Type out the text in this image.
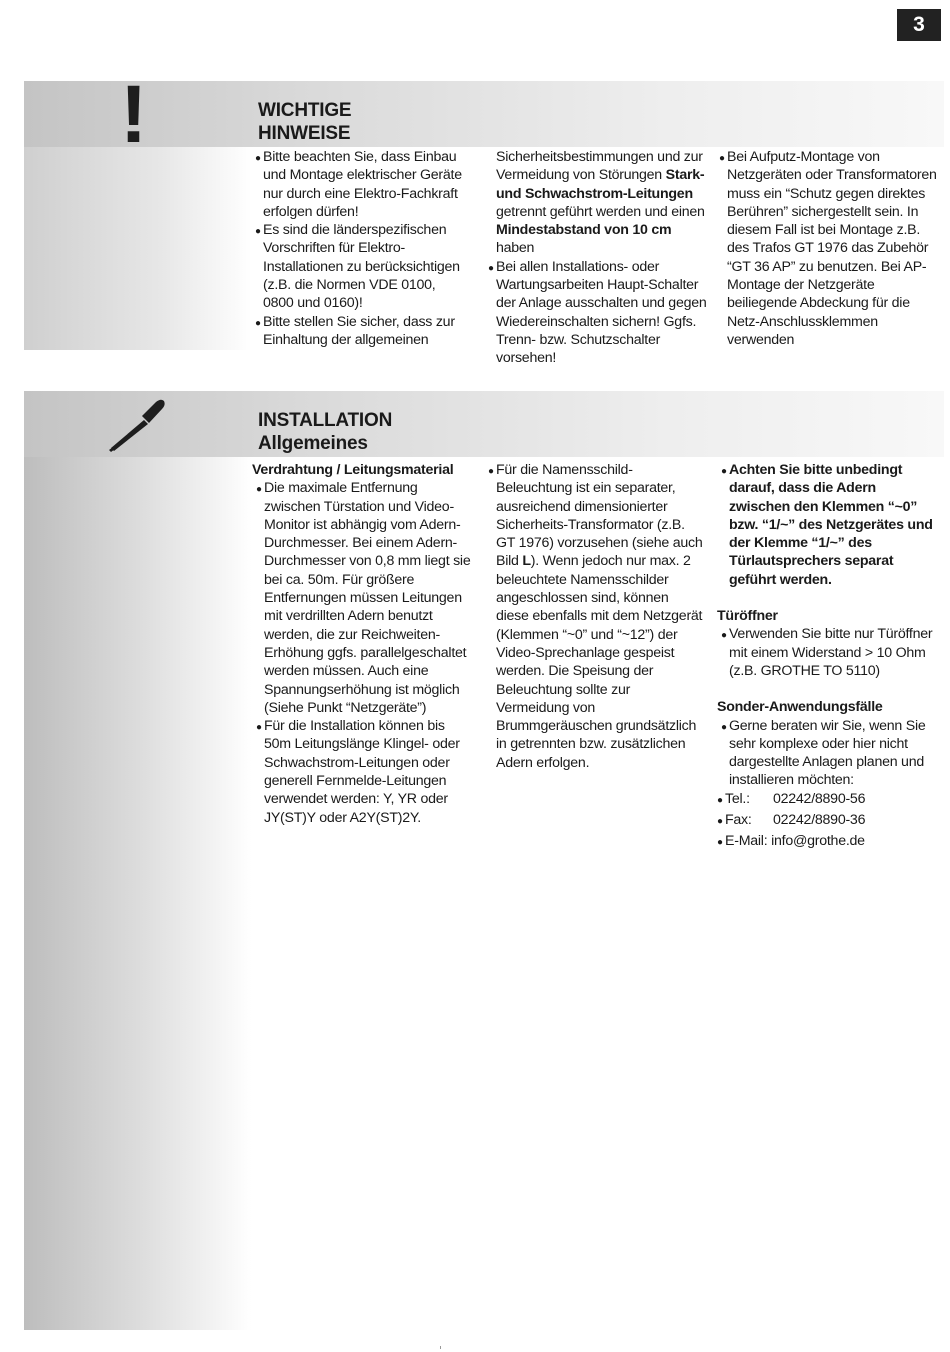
3
!	WICHTIGE
HINWEISE
● Bitte beachten Sie, dass Einbau und Montage elektrischer Geräte nur durch eine Elektro-Fachkraft erfolgen dürfen!
● Es sind die länderspezifischen Vorschriften für Elektro-Installationen zu berücksichtigen (z.B. die Normen VDE 0100, 0800 und 0160)!
● Bitte stellen Sie sicher, dass zur Einhaltung der allgemeinen

Sicherheitsbestimmungen und zur Vermeidung von Störungen Stark- und Schwachstrom-Leitungen getrennt geführt werden und einen Mindestabstand von 10 cm haben

● Bei allen Installations- oder Wartungsarbeiten Haupt-Schalter der Anlage ausschalten und gegen Wiedereinschalten sichern! Ggfs. Trenn- bzw. Schutzschalter vorsehen!
● Bei Aufputz-Montage von Netzgeräten oder Transformatoren muss ein “Schutz gegen direktes Berühren” sichergestellt sein. In diesem Fall ist bei Montage z.B. des Trafos GT 1976 das Zubehör “GT 36 AP” zu benutzen. Bei AP-Montage der Netzgeräte beiliegende Abdeckung für die Netz-Anschlussklemmen verwenden
INSTALLATION
Allgemeines

Verdrahtung / Leitungsmaterial

● Die maximale Entfernung zwischen Türstation und Video-Monitor ist abhängig vom Adern-Durchmesser. Bei einem Adern-Durchmesser von 0,8 mm liegt sie bei ca. 50m. Für größere Entfernungen müssen Leitungen mit verdrillten Adern benutzt werden, die zur Reichweiten-Erhöhung ggfs. parallelgeschaltet werden müssen. Auch eine Spannungserhöhung ist möglich (Siehe Punkt “Netzgeräte”)
● Für die Installation können bis 50m Leitungslänge Klingel- oder Schwachstrom-Leitungen oder generell Fernmelde-Leitungen verwendet werden: Y, YR oder JY(ST)Y oder A2Y(ST)2Y.
● Für die Namensschild-Beleuchtung ist ein separater, ausreichend dimensionierter Sicherheits-Transformator (z.B. GT 1976) vorzusehen (siehe auch Bild L). Wenn jedoch nur max. 2 beleuchtete Namensschilder angeschlossen sind, können diese ebenfalls mit dem Netzgerät (Klemmen “~0” und “~12”) der Video-Sprechanlage gespeist werden. Die Speisung der Beleuchtung sollte zur Vermeidung von Brummgeräuschen grundsätzlich in getrennten bzw. zusätzlichen Adern erfolgen.
● Achten Sie bitte unbedingt darauf, dass die Adern zwischen den Klemmen “~0” bzw. “1/~” des Netzgerätes und der Klemme “1/~” des Türlautsprechers separat geführt werden.

Türöffner

● Verwenden Sie bitte nur Türöffner mit einem Widerstand > 10 Ohm (z.B. GROTHE TO 5110)

Sonder-Anwendungsfälle

● Gerne beraten wir Sie, wenn Sie sehr komplexe oder hier nicht dargestellte Anlagen planen und installieren möchten:
● Tel.: 02242/8890-56
● Fax: 02242/8890-36
● E-Mail: info@grothe.de
